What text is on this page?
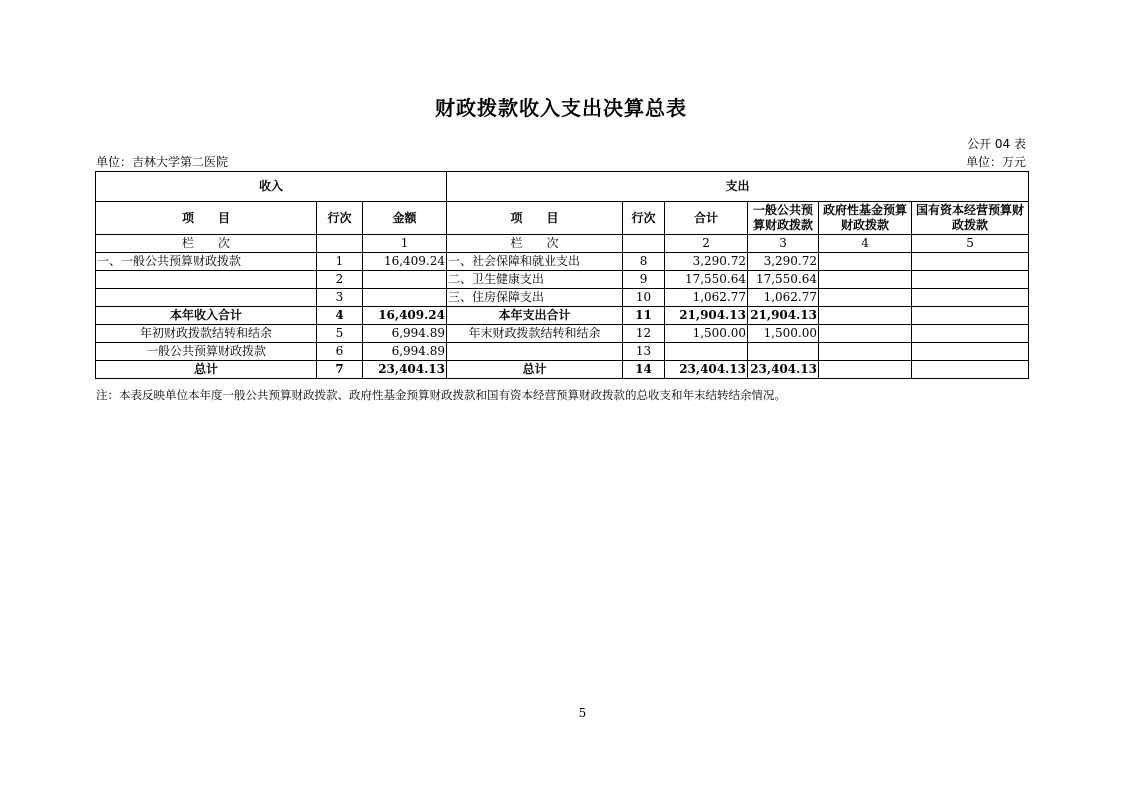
财政拨款收入支出决算总表
公开 04 表
单位：吉林大学第二医院	单位：万元
收入			支出					
项　　目	行次	金额	项　　目	行次	合计	一般公共预算财政拨款	政府性基金预算财政拨款	国有资本经营预算财政拨款
栏　　次		1	栏　　次		2	3	4	5
一、一般公共预算财政拨款	1	16,409.24	一、社会保障和就业支出	8	3,290.72	3,290.72		
	2		二、卫生健康支出	9	17,550.64	17,550.64		
	3		三、住房保障支出	10	1,062.77	1,062.77		
本年收入合计	4	16,409.24	本年支出合计	11	21,904.13	21,904.13		
年初财政拨款结转和结余	5	6,994.89	年末财政拨款结转和结余	12	1,500.00	1,500.00		
一般公共预算财政拨款	6	6,994.89		13				
总计	7	23,404.13	总计	14	23,404.13	23,404.13		
注：本表反映单位本年度一般公共预算财政拨款、政府性基金预算财政拨款和国有资本经营预算财政拨款的总收支和年末结转结余情况。
5
